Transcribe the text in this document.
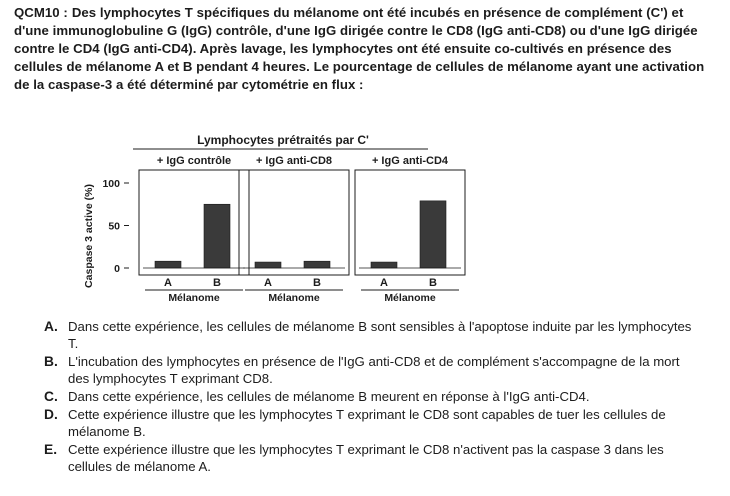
QCM10 : Des lymphocytes T spécifiques du mélanome ont été incubés en présence de complément (C') et d'une immunoglobuline G (IgG) contrôle, d'une IgG dirigée contre le CD8 (IgG anti-CD8) ou d'une IgG dirigée contre le CD4 (IgG anti-CD4). Après lavage, les lymphocytes ont été ensuite co-cultivés en présence des cellules de mélanome A et B pendant 4 heures. Le pourcentage de cellules de mélanome ayant une activation de la caspase-3 a été déterminé par cytométrie en flux :
Lymphocytes prétraités par C'
Caspase 3 active (%) 0
50
100
+ IgG contrôle
A	B
Mélanome
+ IgG anti-CD8
A	B
Mélanome
+ IgG anti-CD4
A	B
Mélanome
A. Dans cette expérience, les cellules de mélanome B sont sensibles à l'apoptose induite par les lymphocytes T.
B. L'incubation des lymphocytes en présence de l'IgG anti-CD8 et de complément s'accompagne de la mort des lymphocytes T exprimant CD8.
C. Dans cette expérience, les cellules de mélanome B meurent en réponse à l'IgG anti-CD4.
D. Cette expérience illustre que les lymphocytes T exprimant le CD8 sont capables de tuer les cellules de mélanome B.
E. Cette expérience illustre que les lymphocytes T exprimant le CD8 n'activent pas la caspase 3 dans les cellules de mélanome A.
